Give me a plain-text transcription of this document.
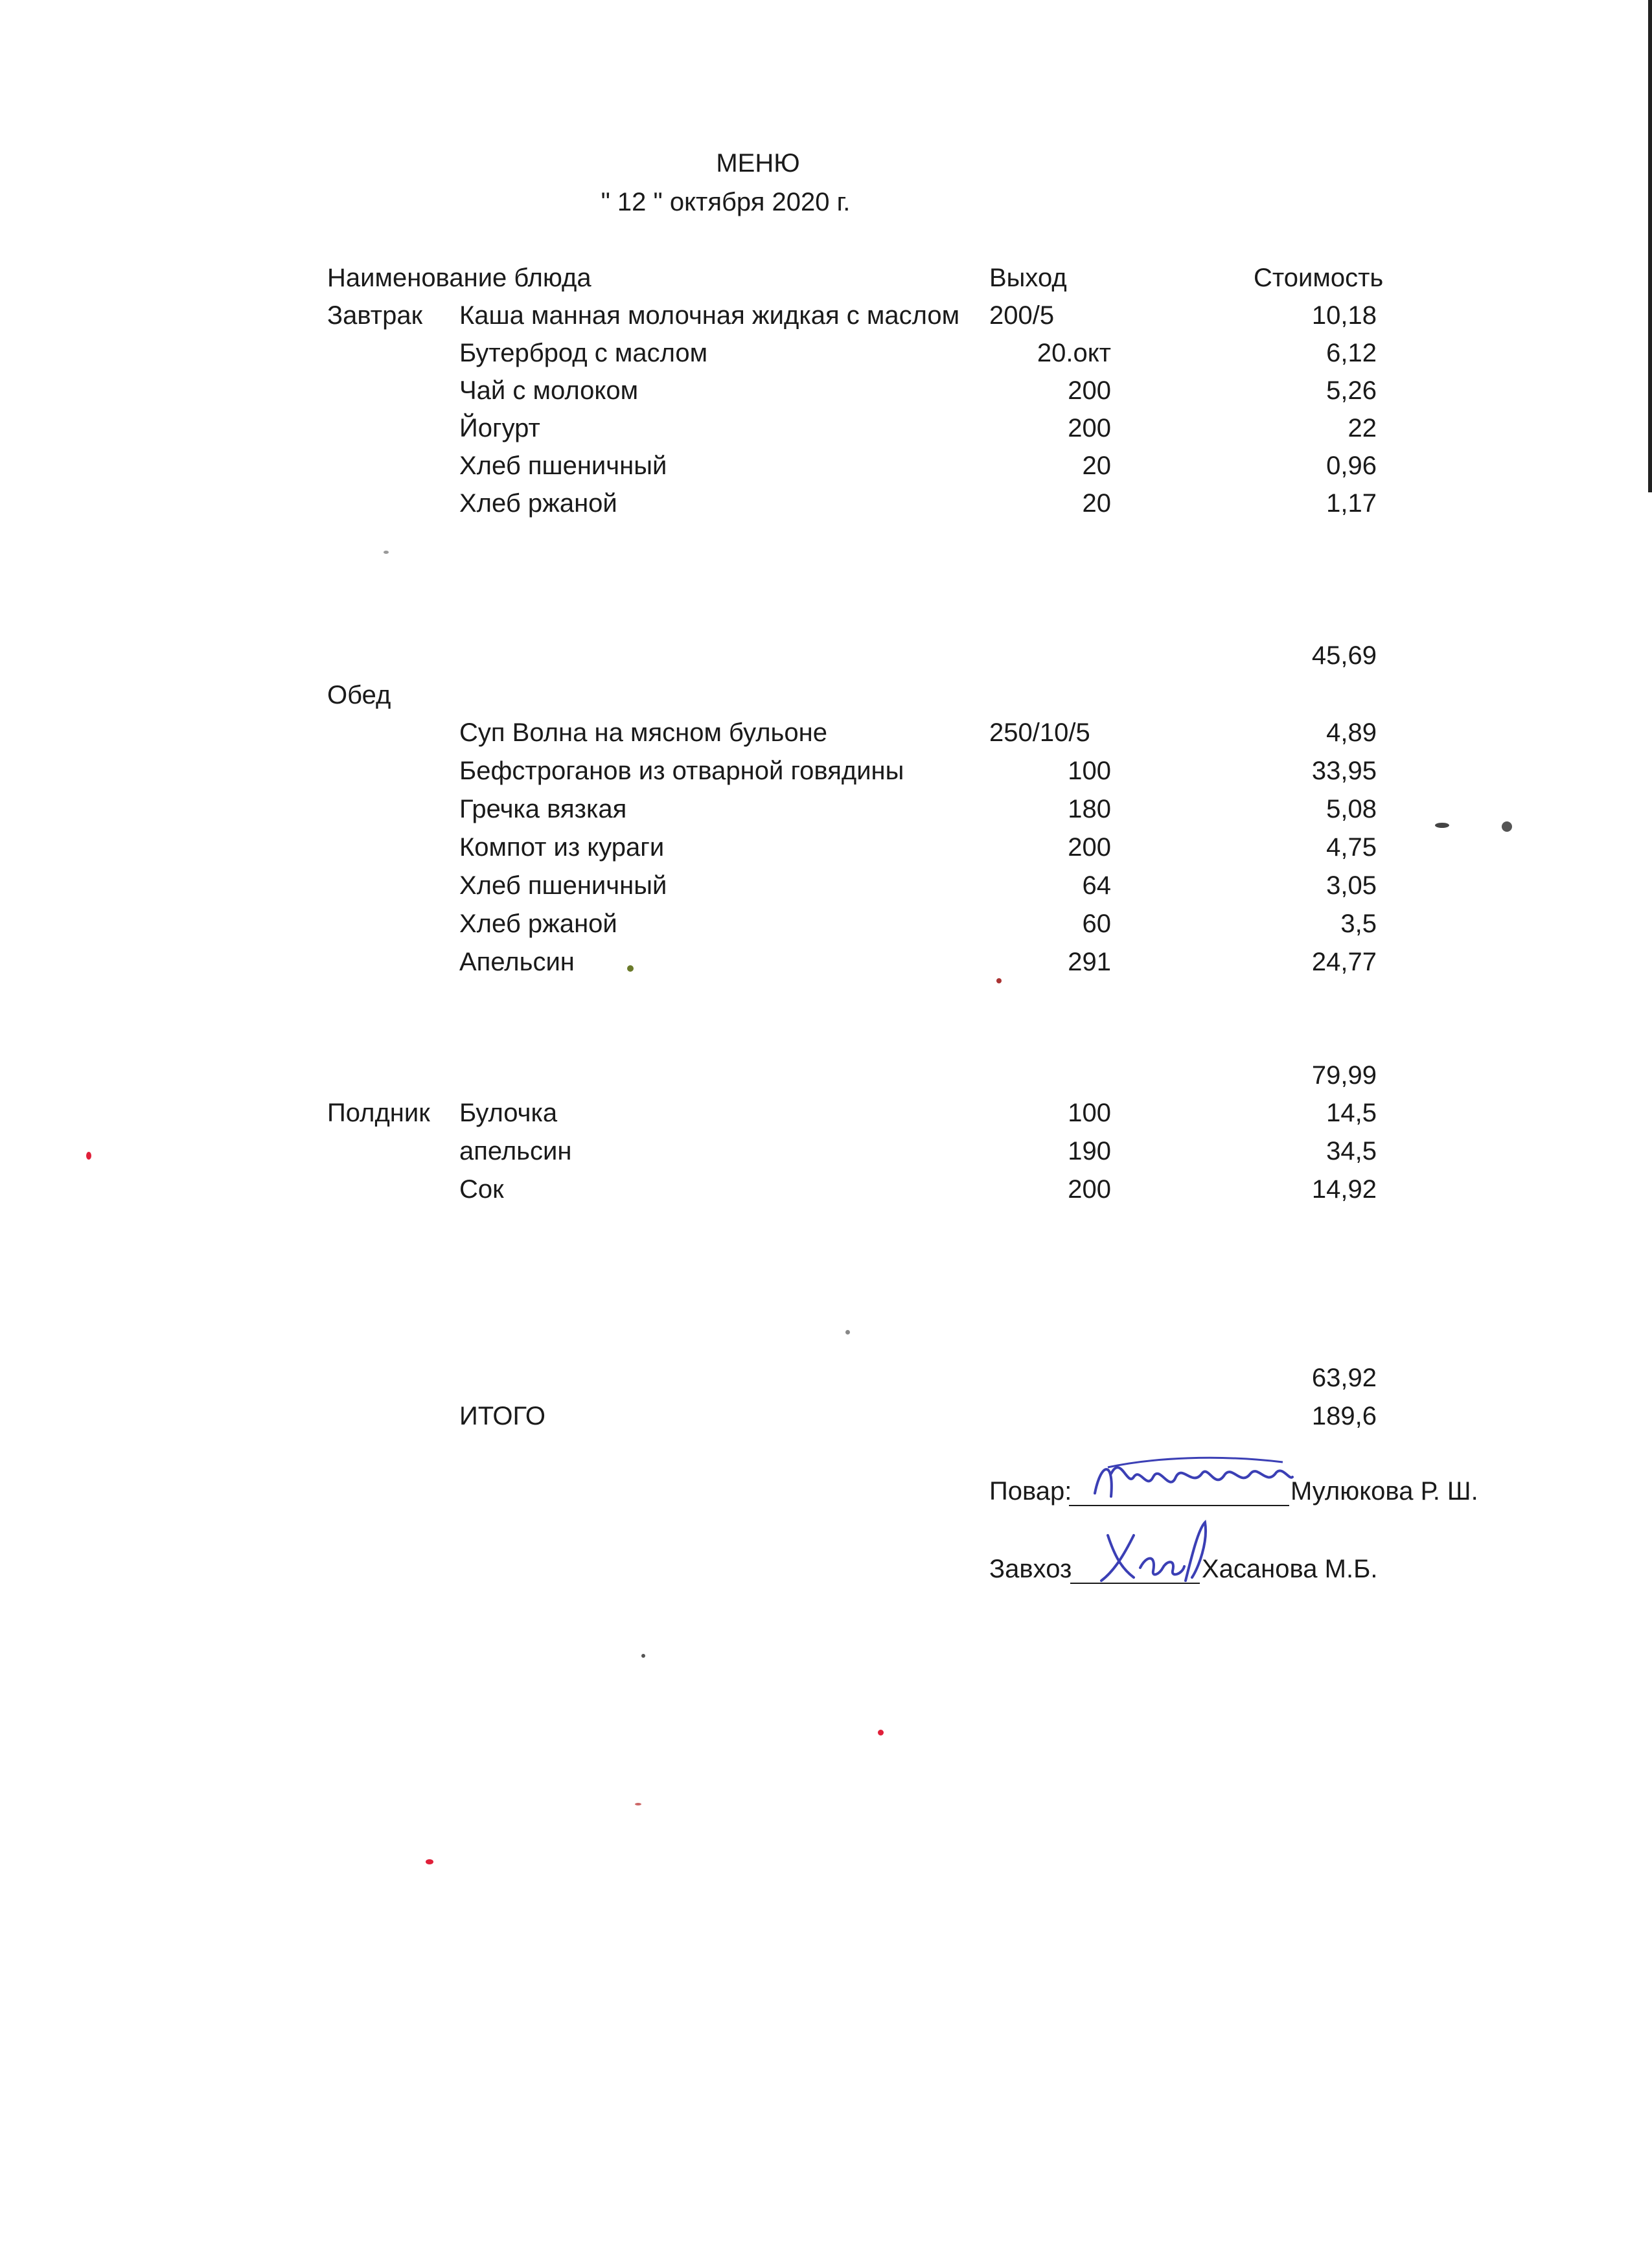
МЕНЮ
" 12 " октября 2020 г.
Наименование блюда	Выход	Стоимость
Завтрак Каша манная молочная жидкая с маслом 200/5	10,18
Бутерброд с маслом	20.окт	6,12
Чай с молоком	200	5,26
Йогурт	200	22
Хлеб пшеничный	20	0,96
Хлеб ржаной	20	1,17
45,69
Обед
Суп Волна на мясном бульоне	250/10/5	4,89
Бефстроганов из отварной говядины	100	33,95
Гречка вязкая	180	5,08
Компот из кураги	200	4,75
Хлеб пшеничный	64	3,05
Хлеб ржаной	60	3,5
Апельсин	291	24,77
79,99
Полдник Булочка	100	14,5
апельсин	190	34,5
Сок	200	14,92
63,92
ИТОГО	189,6
Повар:	Мулюкова Р. Ш.
Завхоз	Хасанова М.Б.
